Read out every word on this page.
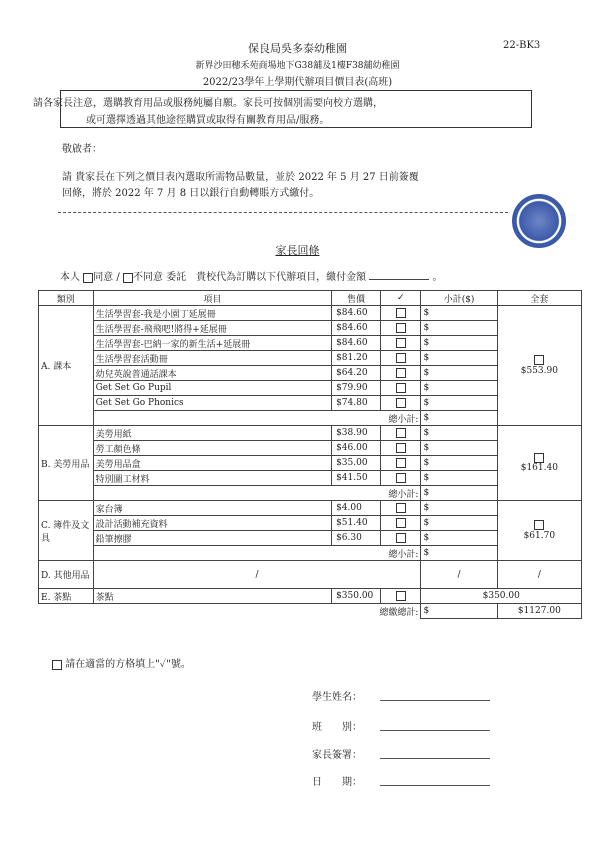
保良局吳多泰幼稚園	22-BK3
新界沙田穗禾苑商場地下G38舖及1樓F38舖幼稚園
2022/23學年上學期代辦項目價目表(高班)
請各家長注意，選購教育用品或服務純屬自願。家長可按個別需要向校方選購，
或可選擇透過其他途徑購買或取得有關教育用品/服務。
敬啟者：
請 貴家長在下列之價目表內選取所需物品數量，並於 2022 年 5 月 27 日前簽覆
回條，將於 2022 年 7 月 8 日以銀行自動轉賬方式繳付。
家長回條
本人 同意 / 不同意 委託　貴校代為訂購以下代辦項目，繳付金額	。
類別	項目	售價	✓	小計($)	全套
A. 課本	生活學習套-我是小園丁延展冊	$84.60		$	$553.90
	生活學習套-飛飛吧!將得+延展冊	$84.60		$	
	生活學習套-巴納一家的新生活+延展冊	$84.60		$	
	生活學習套活動冊	$81.20		$	
	幼兒英說普通話課本	$64.20		$	
	Get Set Go Pupil	$79.90		$	
	Get Set Go Phonics	$74.80		$	
	總小計:			$	
B. 美勞用品	美勞用紙	$38.90		$	$161.40
	勞工顏色條	$46.00		$	
	美勞用品盒	$35.00		$	
	特別圖工材料	$41.50		$	
	總小計:			$	
C. 簿件及文具	家台簿	$4.00		$	$61.70
	設計活動補充資料	$51.40		$	
	鉛筆擦膠	$6.30		$	
	總小計:			$	
D. 其他用品	/			/	/
E. 茶點	茶點	$350.00		$350.00	
總繳總計:				$	$1127.00
請在適當的方格填上"✓"號。
學生姓名：
班　　別：
家長簽署：
日　　期：
